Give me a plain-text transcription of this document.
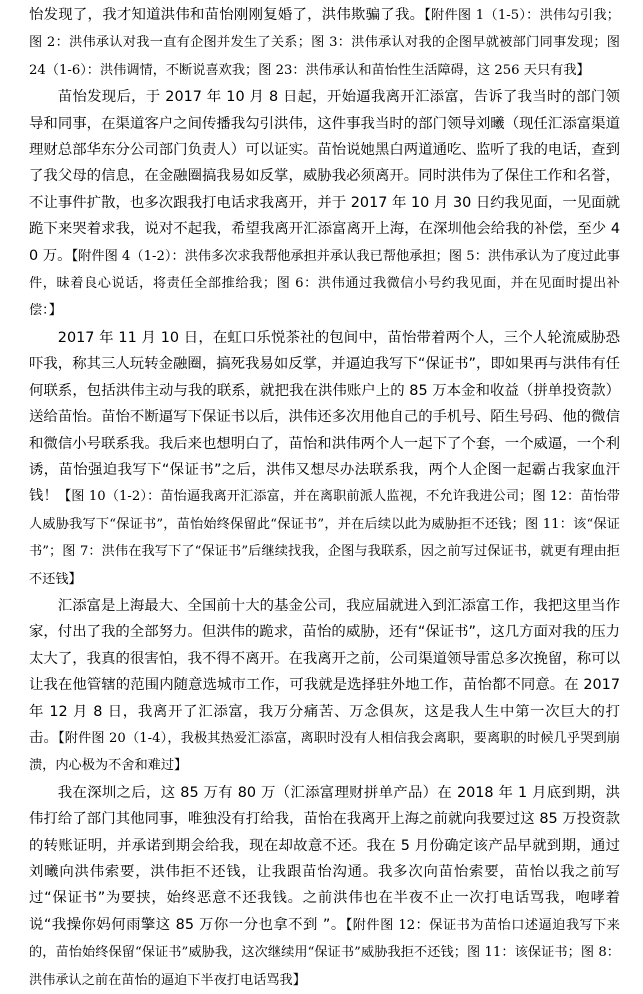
怡发现了，我才知道洪伟和苗怡刚刚复婚了，洪伟欺骗了我。【附件图 1（1-5）：洪伟勾引我；图 2：洪伟承认对我一直有企图并发生了关系；图 3：洪伟承认对我的企图早就被部门同事发现；图 24（1-6）：洪伟调情，不断说喜欢我；图 23：洪伟承认和苗怡性生活障碍，这 256 天只有我】

苗怡发现后，于 2017 年 10 月 8 日起，开始逼我离开汇添富，告诉了我当时的部门领导和同事，在渠道客户之间传播我勾引洪伟，这件事我当时的部门领导刘曦（现任汇添富渠道理财总部华东分公司部门负责人）可以证实。苗怡说她黑白两道通吃、监听了我的电话，查到了我父母的信息，在金融圈搞我易如反掌，威胁我必须离开。同时洪伟为了保住工作和名誉，不让事件扩散，也多次跟我打电话求我离开，并于 2017 年 10 月 30 日约我见面，一见面就跪下来哭着求我，说对不起我，希望我离开汇添富离开上海，在深圳他会给我的补偿，至少 40 万。【附件图 4（1-2）：洪伟多次求我帮他承担并承认我已帮他承担；图 5：洪伟承认为了度过此事件，昧着良心说话，将责任全部推给我；图 6：洪伟通过我微信小号约我见面，并在见面时提出补偿：】

2017 年 11 月 10 日，在虹口乐悦茶社的包间中，苗怡带着两个人，三个人轮流威胁恐吓我，称其三人玩转金融圈，搞死我易如反掌，并逼迫我写下“保证书”，即如果再与洪伟有任何联系，包括洪伟主动与我的联系，就把我在洪伟账户上的 85 万本金和收益（拼单投资款）送给苗怡。苗怡不断逼写下保证书以后，洪伟还多次用他自己的手机号、陌生号码、他的微信和微信小号联系我。我后来也想明白了，苗怡和洪伟两个人一起下了个套，一个威逼，一个利诱，苗怡强迫我写下“保证书”之后，洪伟又想尽办法联系我，两个人企图一起霸占我家血汗钱！【图 10（1-2）：苗怡逼我离开汇添富，并在离职前派人监视，不允许我进公司；图 12：苗怡带人威胁我写下“保证书”，苗怡始终保留此“保证书”，并在后续以此为威胁拒不还钱；图 11：该“保证书”；图 7：洪伟在我写下了“保证书”后继续找我，企图与我联系，因之前写过保证书，就更有理由拒不还钱】

汇添富是上海最大、全国前十大的基金公司，我应届就进入到汇添富工作，我把这里当作家，付出了我的全部努力。但洪伟的跪求，苗怡的威胁，还有“保证书”，这几方面对我的压力太大了，我真的很害怕，我不得不离开。在我离开之前，公司渠道领导雷总多次挽留，称可以让我在他管辖的范围内随意选城市工作，可我就是选择驻外地工作，苗怡都不同意。在 2017 年 12 月 8 日，我离开了汇添富，我万分痛苦、万念俱灰，这是我人生中第一次巨大的打击。【附件图 20（1-4），我极其热爱汇添富，离职时没有人相信我会离职，要离职的时候几乎哭到崩溃，内心极为不舍和难过】

我在深圳之后，这 85 万有 80 万（汇添富理财拼单产品）在 2018 年 1 月底到期，洪伟打给了部门其他同事，唯独没有打给我，苗怡在我离开上海之前就向我要过这 85 万投资款的转账证明，并承诺到期会给我，现在却故意不还。我在 5 月份确定该产品早就到期，通过刘曦向洪伟索要，洪伟拒不还钱，让我跟苗怡沟通。我多次向苗怡索要，苗怡以我之前写过“保证书”为要挟，始终恶意不还我钱。之前洪伟也在半夜不止一次打电话骂我，咆哮着说“我操你妈何雨擎这 85 万你一分也拿不到 ”。【附件图 12：保证书为苗怡口述逼迫我写下来的，苗怡始终保留“保证书”威胁我，这次继续用“保证书”威胁我拒不还钱；图 11：该保证书；图 8：洪伟承认之前在苗怡的逼迫下半夜打电话骂我】
